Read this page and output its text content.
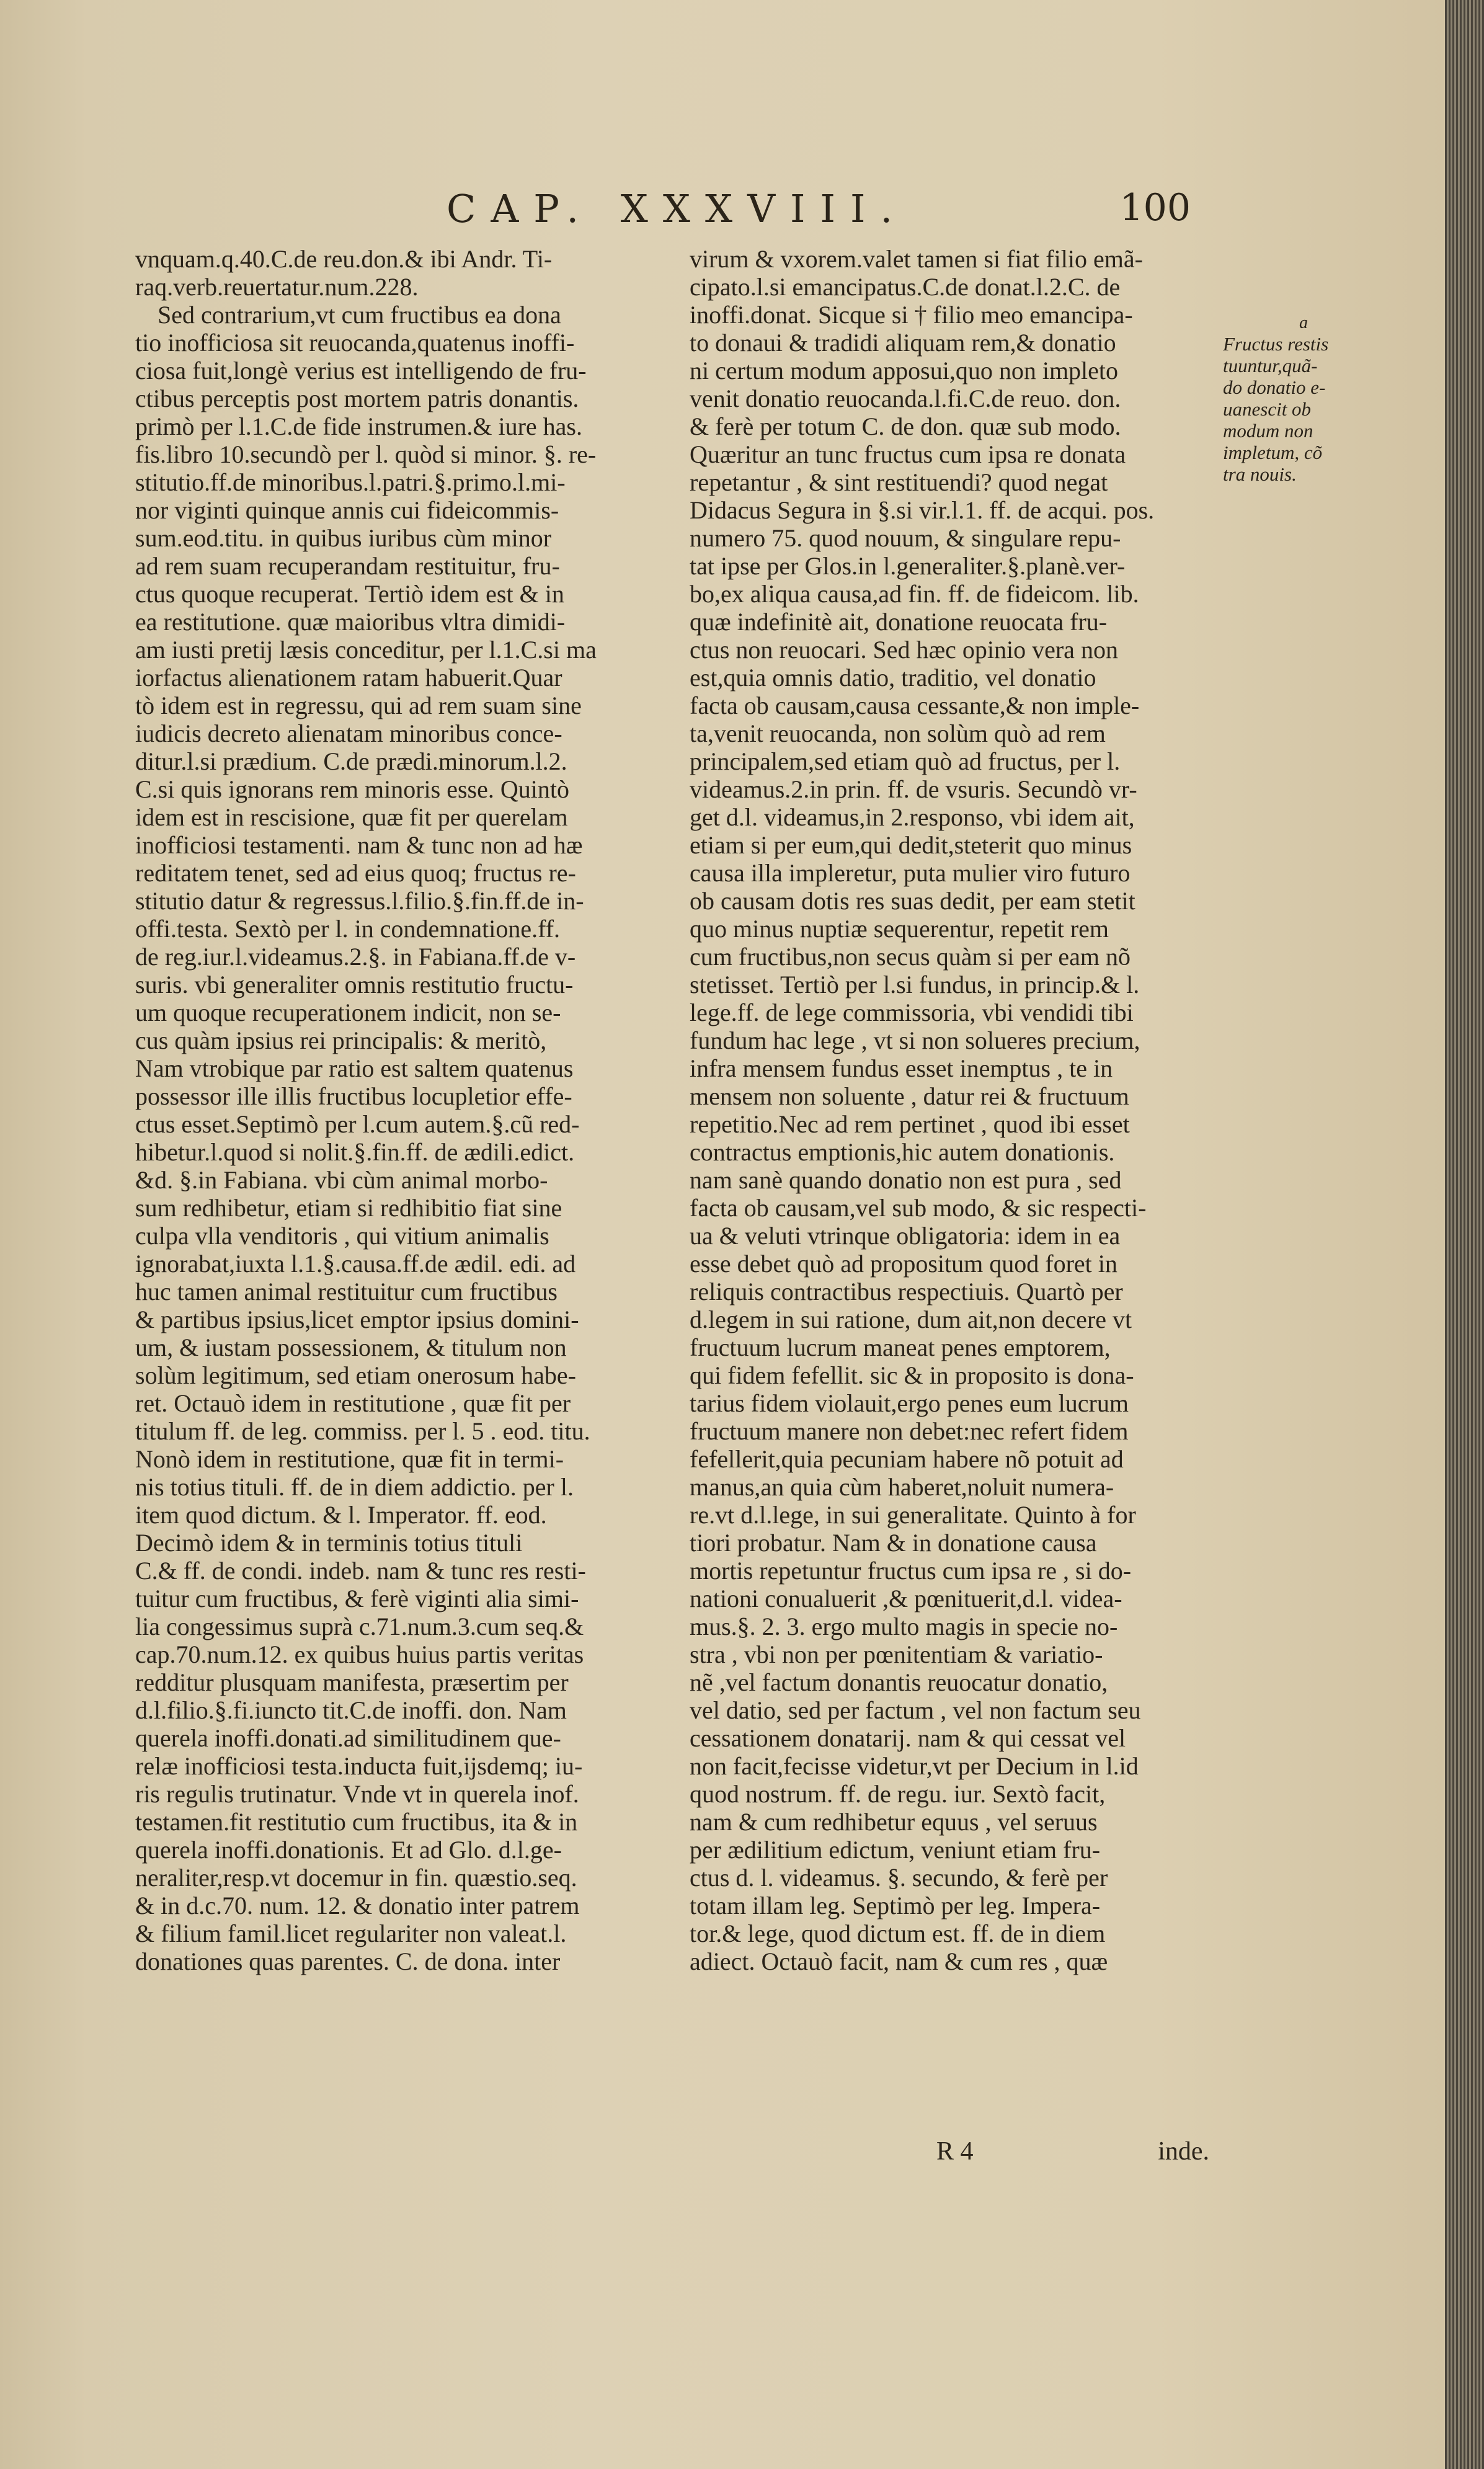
CAP. XXXVIII.	100
vnquam.q.40.C.de reu.don.& ibi Andr. Ti-
raq.verb.reuertatur.num.228.
Sed contrarium,vt cum fructibus ea dona
tio inofficiosa sit reuocanda,quatenus inoffi-
ciosa fuit,longè verius est intelligendo de fru-
ctibus perceptis post mortem patris donantis.
primò per l.1.C.de fide instrumen.& iure has.
fis.libro 10.secundò per l. quòd si minor. §. re-
stitutio.ff.de minoribus.l.patri.§.primo.l.mi-
nor viginti quinque annis cui fideicommis-
sum.eod.titu. in quibus iuribus cùm minor
ad rem suam recuperandam restituitur, fru-
ctus quoque recuperat. Tertiò idem est & in
ea restitutione. quæ maioribus vltra dimidi-
am iusti pretij læsis conceditur, per l.1.C.si ma
iorfactus alienationem ratam habuerit.Quar
tò idem est in regressu, qui ad rem suam sine
iudicis decreto alienatam minoribus conce-
ditur.l.si prædium. C.de prædi.minorum.l.2.
C.si quis ignorans rem minoris esse. Quintò
idem est in rescisione, quæ fit per querelam
inofficiosi testamenti. nam & tunc non ad hæ
reditatem tenet, sed ad eius quoq; fructus re-
stitutio datur & regressus.l.filio.§.fin.ff.de in-
offi.testa. Sextò per l. in condemnatione.ff.
de reg.iur.l.videamus.2.§. in Fabiana.ff.de v-
suris. vbi generaliter omnis restitutio fructu-
um quoque recuperationem indicit, non se-
cus quàm ipsius rei principalis: & meritò,
Nam vtrobique par ratio est saltem quatenus
possessor ille illis fructibus locupletior effe-
ctus esset.Septimò per l.cum autem.§.cũ red-
hibetur.l.quod si nolit.§.fin.ff. de ædili.edict.
&d. §.in Fabiana. vbi cùm animal morbo-
sum redhibetur, etiam si redhibitio fiat sine
culpa vlla venditoris , qui vitium animalis
ignorabat,iuxta l.1.§.causa.ff.de ædil. edi. ad
huc tamen animal restituitur cum fructibus
& partibus ipsius,licet emptor ipsius domini-
um, & iustam possessionem, & titulum non
solùm legitimum, sed etiam onerosum habe-
ret. Octauò idem in restitutione , quæ fit per
titulum ff. de leg. commiss. per l. 5 . eod. titu.
Nonò idem in restitutione, quæ fit in termi-
nis totius tituli. ff. de in diem addictio. per l.
item quod dictum. & l. Imperator. ff. eod.
Decimò idem & in terminis totius tituli
C.& ff. de condi. indeb. nam & tunc res resti-
tuitur cum fructibus, & ferè viginti alia simi-
lia congessimus suprà c.71.num.3.cum seq.&
cap.70.num.12. ex quibus huius partis veritas
redditur plusquam manifesta, præsertim per
d.l.filio.§.fi.iuncto tit.C.de inoffi. don. Nam
querela inoffi.donati.ad similitudinem que-
relæ inofficiosi testa.inducta fuit,ijsdemq; iu-
ris regulis trutinatur. Vnde vt in querela inof.
testamen.fit restitutio cum fructibus, ita & in
querela inoffi.donationis. Et ad Glo. d.l.ge-
neraliter,resp.vt docemur in fin. quæstio.seq.
& in d.c.70. num. 12. & donatio inter patrem
& filium famil.licet regulariter non valeat.l.
donationes quas parentes. C. de dona. inter
virum & vxorem.valet tamen si fiat filio emã-
cipato.l.si emancipatus.C.de donat.l.2.C. de
inoffi.donat. Sicque si † filio meo emancipa-
to donaui & tradidi aliquam rem,& donatio
ni certum modum apposui,quo non impleto
venit donatio reuocanda.l.fi.C.de reuo. don.
& ferè per totum C. de don. quæ sub modo.
Quæritur an tunc fructus cum ipsa re donata
repetantur , & sint restituendi? quod negat
Didacus Segura in §.si vir.l.1. ff. de acqui. pos.
numero 75. quod nouum, & singulare repu-
tat ipse per Glos.in l.generaliter.§.planè.ver-
bo,ex aliqua causa,ad fin. ff. de fideicom. lib.
quæ indefinitè ait, donatione reuocata fru-
ctus non reuocari. Sed hæc opinio vera non
est,quia omnis datio, traditio, vel donatio
facta ob causam,causa cessante,& non imple-
ta,venit reuocanda, non solùm quò ad rem
principalem,sed etiam quò ad fructus, per l.
videamus.2.in prin. ff. de vsuris. Secundò vr-
get d.l. videamus,in 2.responso, vbi idem ait,
etiam si per eum,qui dedit,steterit quo minus
causa illa impleretur, puta mulier viro futuro
ob causam dotis res suas dedit, per eam stetit
quo minus nuptiæ sequerentur, repetit rem
cum fructibus,non secus quàm si per eam nõ
stetisset. Tertiò per l.si fundus, in princip.& l.
lege.ff. de lege commissoria, vbi vendidi tibi
fundum hac lege , vt si non solueres precium,
infra mensem fundus esset inemptus , te in
mensem non soluente , datur rei & fructuum
repetitio.Nec ad rem pertinet , quod ibi esset
contractus emptionis,hic autem donationis.
nam sanè quando donatio non est pura , sed
facta ob causam,vel sub modo, & sic respecti-
ua & veluti vtrinque obligatoria: idem in ea
esse debet quò ad propositum quod foret in
reliquis contractibus respectiuis. Quartò per
d.legem in sui ratione, dum ait,non decere vt
fructuum lucrum maneat penes emptorem,
qui fidem fefellit. sic & in proposito is dona-
tarius fidem violauit,ergo penes eum lucrum
fructuum manere non debet:nec refert fidem
fefellerit,quia pecuniam habere nõ potuit ad
manus,an quia cùm haberet,noluit numera-
re.vt d.l.lege, in sui generalitate. Quinto à for
tiori probatur. Nam & in donatione causa
mortis repetuntur fructus cum ipsa re , si do-
nationi conualuerit ,& pœnituerit,d.l. videa-
mus.§. 2. 3. ergo multo magis in specie no-
stra , vbi non per pœnitentiam & variatio-
nẽ ,vel factum donantis reuocatur donatio,
vel datio, sed per factum , vel non factum seu
cessationem donatarij. nam & qui cessat vel
non facit,fecisse videtur,vt per Decium in l.id
quod nostrum. ff. de regu. iur. Sextò facit,
nam & cum redhibetur equus , vel seruus
per ædilitium edictum, veniunt etiam fru-
ctus d. l. videamus. §. secundo, & ferè per
totam illam leg. Septimò per leg. Impera-
tor.& lege, quod dictum est. ff. de in diem
adiect. Octauò facit, nam & cum res , quæ
a
Fructus restis
tuuntur,quã-
do donatio e-
uanescit ob
modum non
impletum, cõ
tra nouis.
R 4	inde.
